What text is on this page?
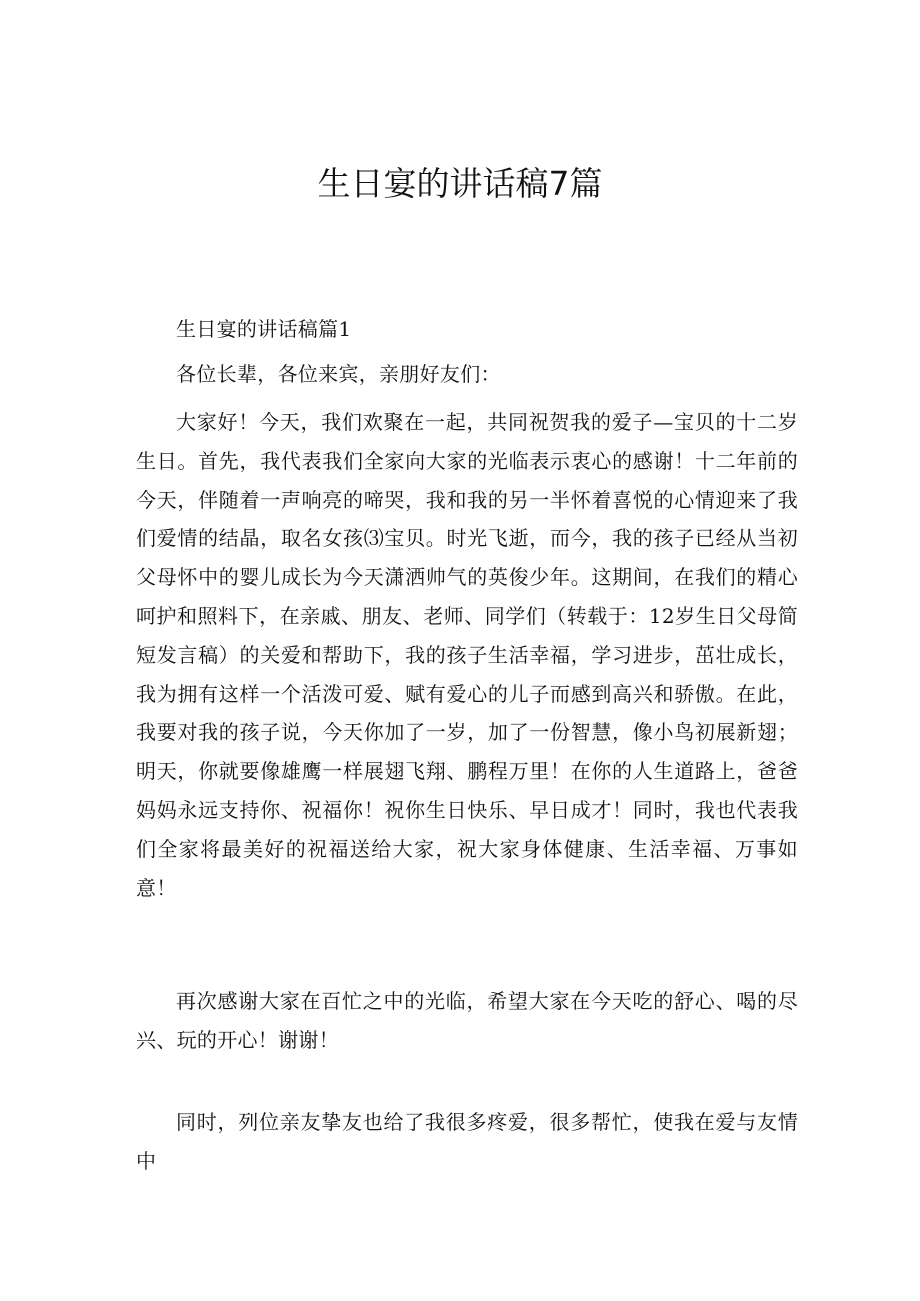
生日宴的讲话稿7篇

生日宴的讲话稿篇1

各位长辈，各位来宾，亲朋好友们：

大家好！今天，我们欢聚在一起，共同祝贺我的爱子—宝贝的十二岁生日。首先，我代表我们全家向大家的光临表示衷心的感谢！十二年前的今天，伴随着一声响亮的啼哭，我和我的另一半怀着喜悦的心情迎来了我们爱情的结晶，取名女孩⑶宝贝。时光飞逝，而今，我的孩子已经从当初父母怀中的婴儿成长为今天潇洒帅气的英俊少年。这期间，在我们的精心呵护和照料下，在亲戚、朋友、老师、同学们（转载于：12岁生日父母简短发言稿）的关爱和帮助下，我的孩子生活幸福，学习进步，茁壮成长，我为拥有这样一个活泼可爱、赋有爱心的儿子而感到高兴和骄傲。在此，我要对我的孩子说，今天你加了一岁，加了一份智慧，像小鸟初展新翅；明天，你就要像雄鹰一样展翅飞翔、鹏程万里！在你的人生道路上，爸爸妈妈永远支持你、祝福你！祝你生日快乐、早日成才！同时，我也代表我们全家将最美好的祝福送给大家，祝大家身体健康、生活幸福、万事如意！

再次感谢大家在百忙之中的光临，希望大家在今天吃的舒心、喝的尽兴、玩的开心！谢谢！

同时，列位亲友挚友也给了我很多疼爱，很多帮忙，使我在爱与友情中
